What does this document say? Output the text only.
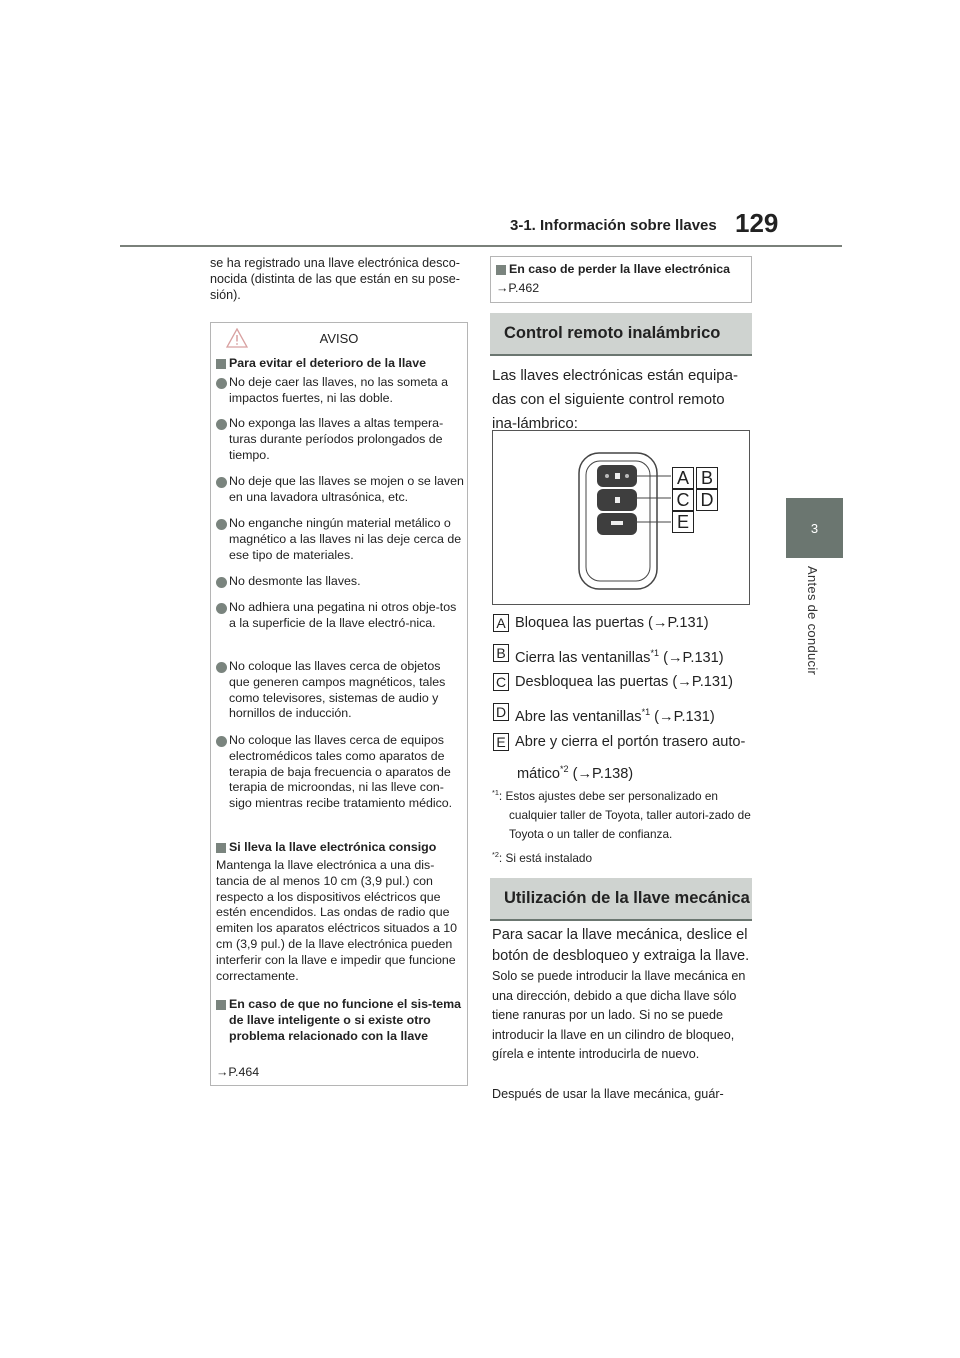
3-1. Información sobre llaves 129
3
Antes de conducir
se ha registrado una llave electrónica desco-nocida (distinta de las que están en su pose-sión).
AVISO
Para evitar el deterioro de la llave
No deje caer las llaves, no las someta a impactos fuertes, ni las doble.
No exponga las llaves a altas tempera-turas durante períodos prolongados de tiempo.
No deje que las llaves se mojen o se laven en una lavadora ultrasónica, etc.
No enganche ningún material metálico o magnético a las llaves ni las deje cerca de ese tipo de materiales.
No desmonte las llaves.
No adhiera una pegatina ni otros obje-tos a la superficie de la llave electró-nica.
No coloque las llaves cerca de objetos que generen campos magnéticos, tales como televisores, sistemas de audio y hornillos de inducción.
No coloque las llaves cerca de equipos electromédicos tales como aparatos de terapia de baja frecuencia o aparatos de terapia de microondas, ni las lleve con-sigo mientras recibe tratamiento médico.
Si lleva la llave electrónica consigo
Mantenga la llave electrónica a una dis-tancia de al menos 10 cm (3,9 pul.) con respecto a los dispositivos eléctricos que estén encendidos. Las ondas de radio que emiten los aparatos eléctricos situados a 10 cm (3,9 pul.) de la llave electrónica pueden interferir con la llave e impedir que funcione correctamente.
En caso de que no funcione el sis-tema de llave inteligente o si existe otro problema relacionado con la llave
→P.464
En caso de perder la llave electrónica
→P.462
Control remoto inalámbrico
Las llaves electrónicas están equipa-das con el siguiente control remoto ina-lámbrico:
A B
C D
E
A Bloquea las puertas (→P.131)
B Cierra las ventanillas$^{*1}$ (→P.131)
C Desbloquea las puertas (→P.131)
D Abre las ventanillas$^{*1}$ (→P.131)
E Abre y cierra el portón trasero auto-
mático$^{*2}$ (→P.138)
$^{*1}$: Estos ajustes debe ser personalizado en cualquier taller de Toyota, taller autori-zado de Toyota o un taller de confianza.
$^{*2}$: Si está instalado
Utilización de la llave mecánica
Para sacar la llave mecánica, deslice el botón de desbloqueo y extraiga la llave.
Solo se puede introducir la llave mecánica en una dirección, debido a que dicha llave sólo tiene ranuras por un lado. Si no se puede introducir la llave en un cilindro de bloqueo, gírela e intente introducirla de nuevo.
Después de usar la llave mecánica, guár-
